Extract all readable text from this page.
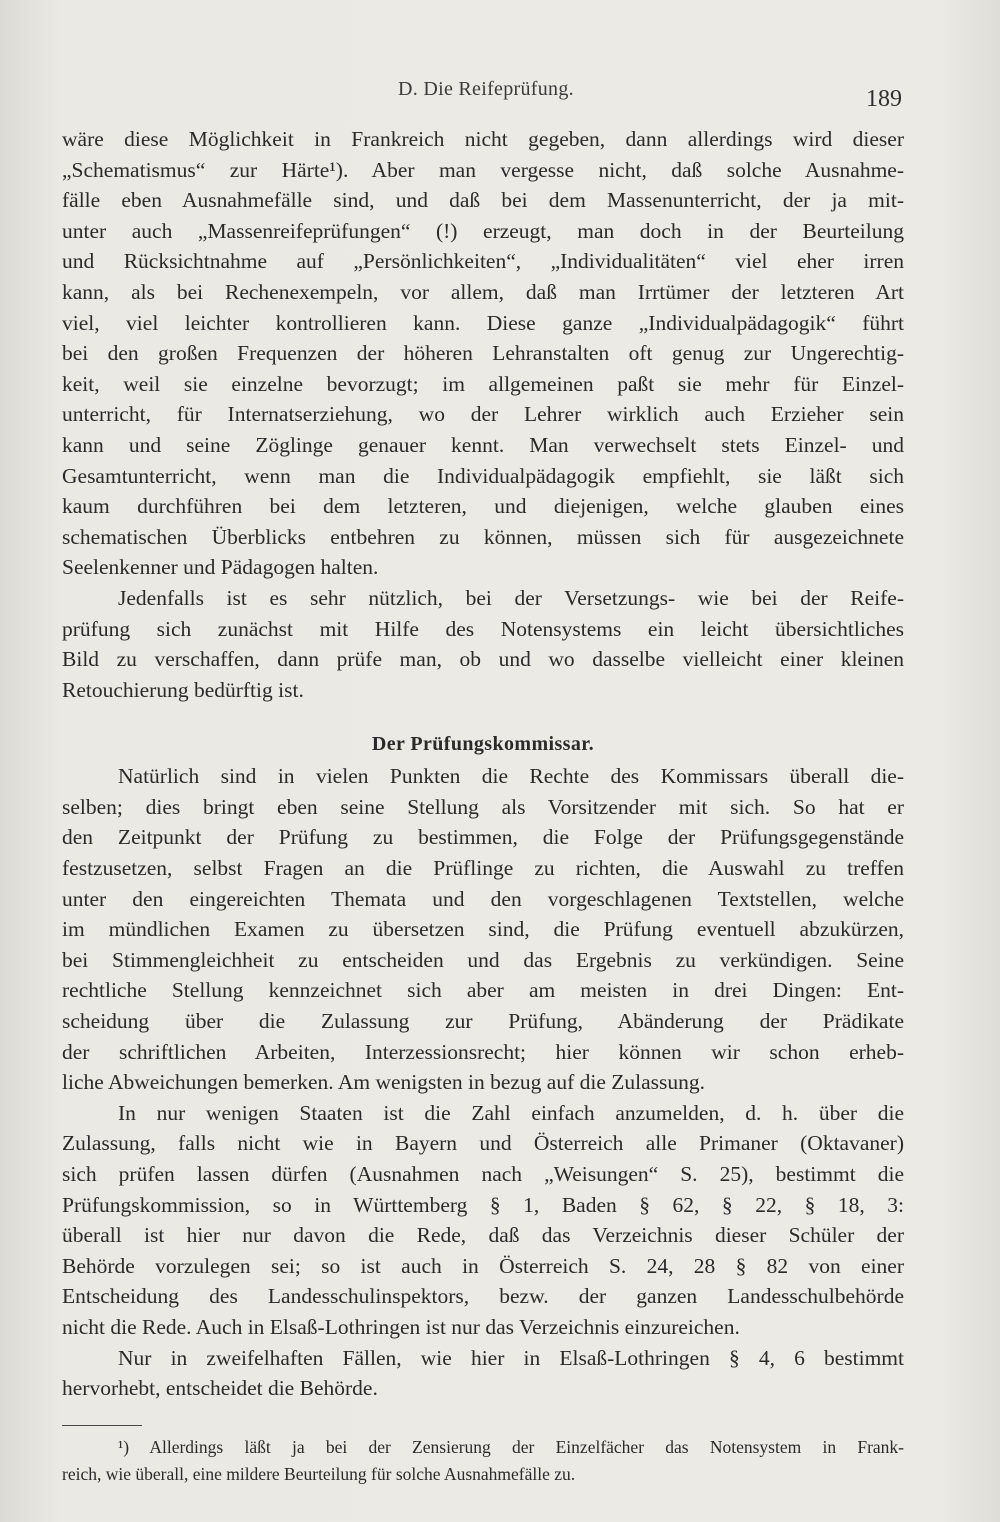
D. Die Reifeprüfung.	189
wäre diese Möglichkeit in Frankreich nicht gegeben, dann allerdings wird dieser
„Schematismus“ zur Härte¹). Aber man vergesse nicht, daß solche Ausnahme-
fälle eben Ausnahmefälle sind, und daß bei dem Massenunterricht, der ja mit-
unter auch „Massenreifeprüfungen“ (!) erzeugt, man doch in der Beurteilung
und Rücksichtnahme auf „Persönlichkeiten“, „Individualitäten“ viel eher irren
kann, als bei Rechenexempeln, vor allem, daß man Irrtümer der letzteren Art
viel, viel leichter kontrollieren kann. Diese ganze „Individualpädagogik“ führt
bei den großen Frequenzen der höheren Lehranstalten oft genug zur Ungerechtig-
keit, weil sie einzelne bevorzugt; im allgemeinen paßt sie mehr für Einzel-
unterricht, für Internatserziehung, wo der Lehrer wirklich auch Erzieher sein
kann und seine Zöglinge genauer kennt. Man verwechselt stets Einzel- und
Gesamtunterricht, wenn man die Individualpädagogik empfiehlt, sie läßt sich
kaum durchführen bei dem letzteren, und diejenigen, welche glauben eines
schematischen Überblicks entbehren zu können, müssen sich für ausgezeichnete
Seelenkenner und Pädagogen halten.
Jedenfalls ist es sehr nützlich, bei der Versetzungs- wie bei der Reife-
prüfung sich zunächst mit Hilfe des Notensystems ein leicht übersichtliches
Bild zu verschaffen, dann prüfe man, ob und wo dasselbe vielleicht einer kleinen
Retouchierung bedürftig ist.
Der Prüfungskommissar.
Natürlich sind in vielen Punkten die Rechte des Kommissars überall die-
selben; dies bringt eben seine Stellung als Vorsitzender mit sich. So hat er
den Zeitpunkt der Prüfung zu bestimmen, die Folge der Prüfungsgegenstände
festzusetzen, selbst Fragen an die Prüflinge zu richten, die Auswahl zu treffen
unter den eingereichten Themata und den vorgeschlagenen Textstellen, welche
im mündlichen Examen zu übersetzen sind, die Prüfung eventuell abzukürzen,
bei Stimmengleichheit zu entscheiden und das Ergebnis zu verkündigen. Seine
rechtliche Stellung kennzeichnet sich aber am meisten in drei Dingen: Ent-
scheidung über die Zulassung zur Prüfung, Abänderung der Prädikate
der schriftlichen Arbeiten, Interzessionsrecht; hier können wir schon erheb-
liche Abweichungen bemerken. Am wenigsten in bezug auf die Zulassung.
In nur wenigen Staaten ist die Zahl einfach anzumelden, d. h. über die
Zulassung, falls nicht wie in Bayern und Österreich alle Primaner (Oktavaner)
sich prüfen lassen dürfen (Ausnahmen nach „Weisungen“ S. 25), bestimmt die
Prüfungskommission, so in Württemberg § 1, Baden § 62, § 22, § 18, 3:
überall ist hier nur davon die Rede, daß das Verzeichnis dieser Schüler der
Behörde vorzulegen sei; so ist auch in Österreich S. 24, 28 § 82 von einer
Entscheidung des Landesschulinspektors, bezw. der ganzen Landesschulbehörde
nicht die Rede. Auch in Elsaß-Lothringen ist nur das Verzeichnis einzureichen.
Nur in zweifelhaften Fällen, wie hier in Elsaß-Lothringen § 4, 6 bestimmt
hervorhebt, entscheidet die Behörde.
¹) Allerdings läßt ja bei der Zensierung der Einzelfächer das Notensystem in Frank-
reich, wie überall, eine mildere Beurteilung für solche Ausnahmefälle zu.
